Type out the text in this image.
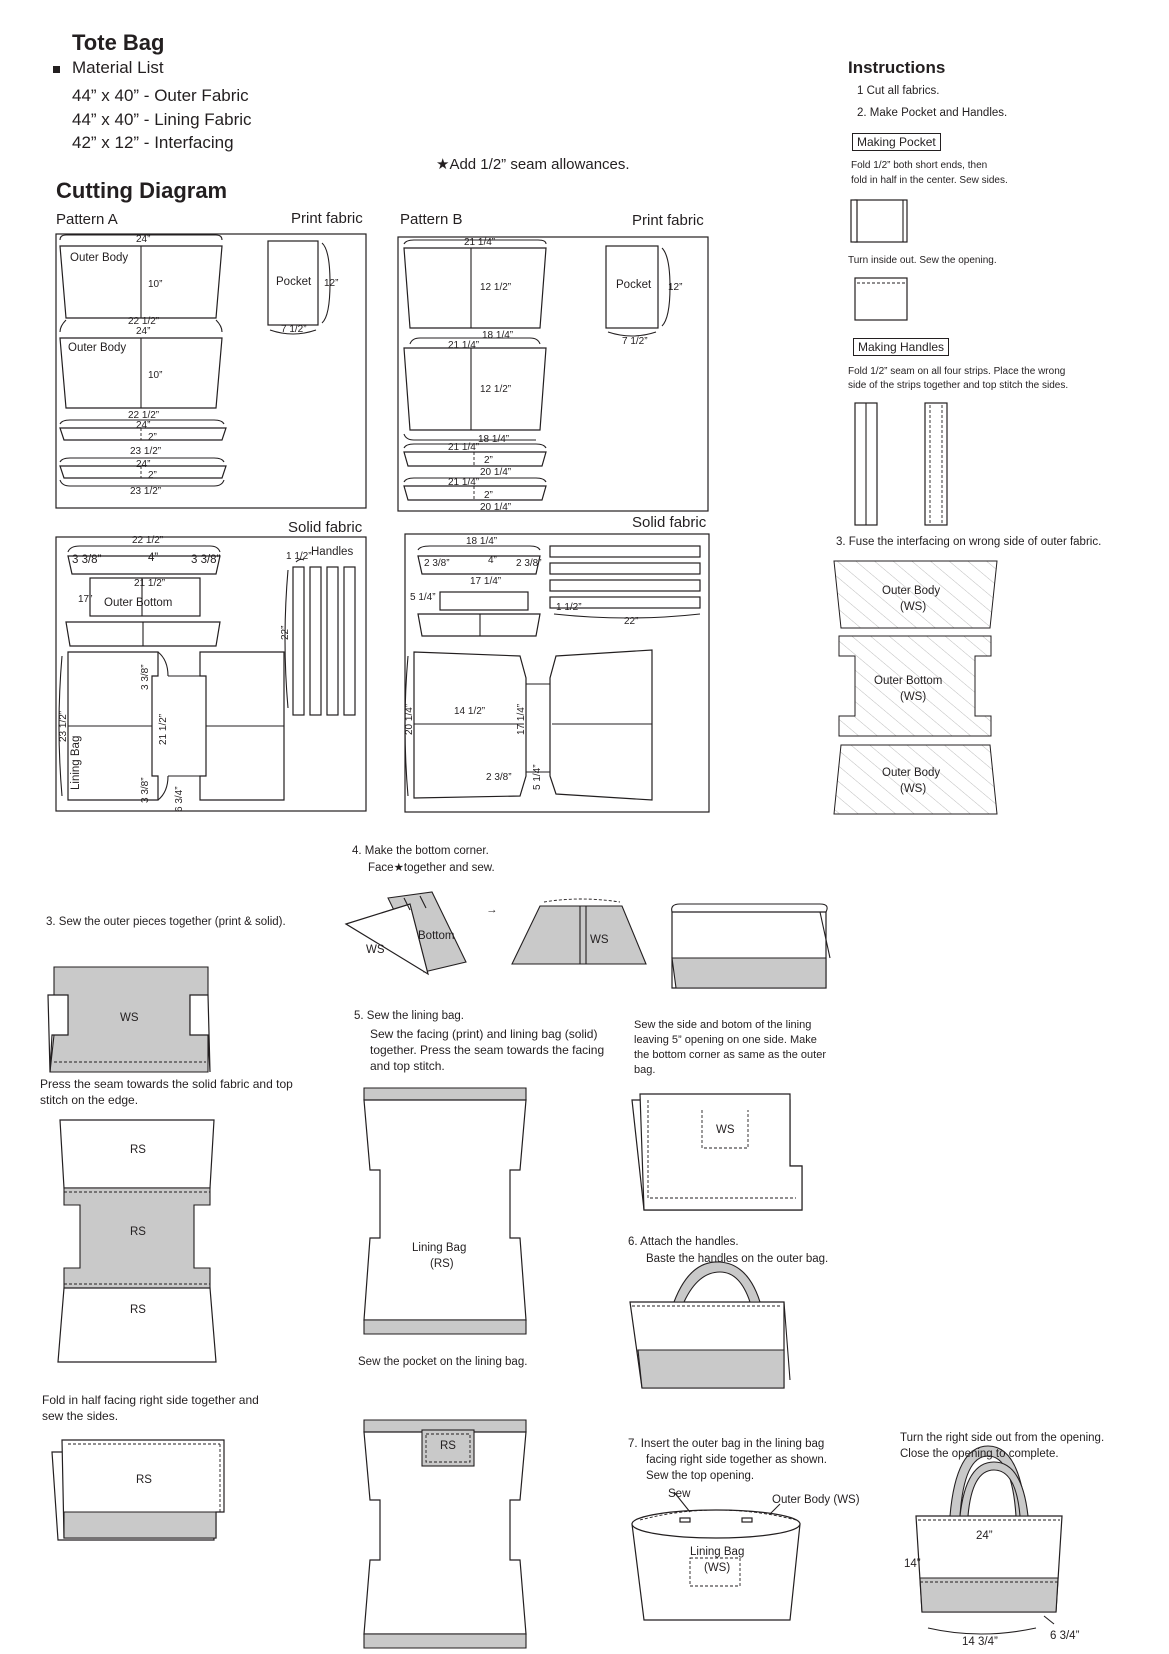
Tote Bag
Material List
44” x 40” - Outer Fabric
44” x 40” - Lining Fabric
42” x 12” - Interfacing
★Add 1/2” seam allowances.
Cutting Diagram
Pattern A	Print fabric Pattern B	Print fabric
Solid fabric	Solid fabric
Outer Body
Outer Body
Pocket
Outer Bottom
Handles
Lining Bag
24”
10”
22 1/2”
24”
12”
7 1/2”
10”
22 1/2”
24”
2”
23 1/2”
24”
2”
23 1/2”
22 1/2”
3 3/8”	4”	3 3/8”
21 1/2”
17”
1 1/2”
22”
3 3/8”
23 1/2”	21 1/2”
3 3/8” 6 3/4”
Pocket
21 1/4”
12 1/2”
18 1/4”
21 1/4”
12”
7 1/2”
12 1/2”
18 1/4”
21 1/4”
2”
20 1/4”
21 1/4”
2”
20 1/4”
18 1/4”
2 3/8”	4” 2 3/8”
17 1/4”
5 1/4”
1 1/2”
22”
14 1/2”
20 1/4”	17 1/4”
2 3/8” 5 1/4”
Instructions
1 Cut all fabrics.
2. Make Pocket and Handles.
Making Pocket
Fold 1/2” both short ends, then
fold in half in the center. Sew sides.
Turn inside out. Sew the opening.
Making Handles
Fold 1/2” seam on all four strips. Place the wrong
side of the strips together and top stitch the sides.
3. Fuse the interfacing on wrong side of outer fabric.
Outer Body
(WS)
Outer Bottom
(WS)
Outer Body
(WS)
3. Sew the outer pieces together (print & solid).
WS
Press the seam towards the solid fabric and top stitch on the edge.
RS
RS
RS
Fold in half facing right side together and sew the sides.
RS
4. Make the bottom corner.
Face★together and sew.
WS
Bottom
→
WS
5. Sew the lining bag.
Sew the facing (print) and lining bag (solid) together. Press the seam towards the facing and top stitch.
Lining Bag
(RS)
Sew the pocket on the lining bag.
RS
Sew the side and botom of the lining leaving 5” opening on one side. Make the bottom corner as same as the outer bag.
WS
6. Attach the handles.
Baste the handles on the outer bag.
7. Insert the outer bag in the lining bag
facing right side together as shown.
Sew the top opening.
Sew	Outer Body (WS)
Lining Bag
(WS)
Turn the right side out from the opening.
Close the opening to complete.
24”
14”
14 3/4”	6 3/4”
